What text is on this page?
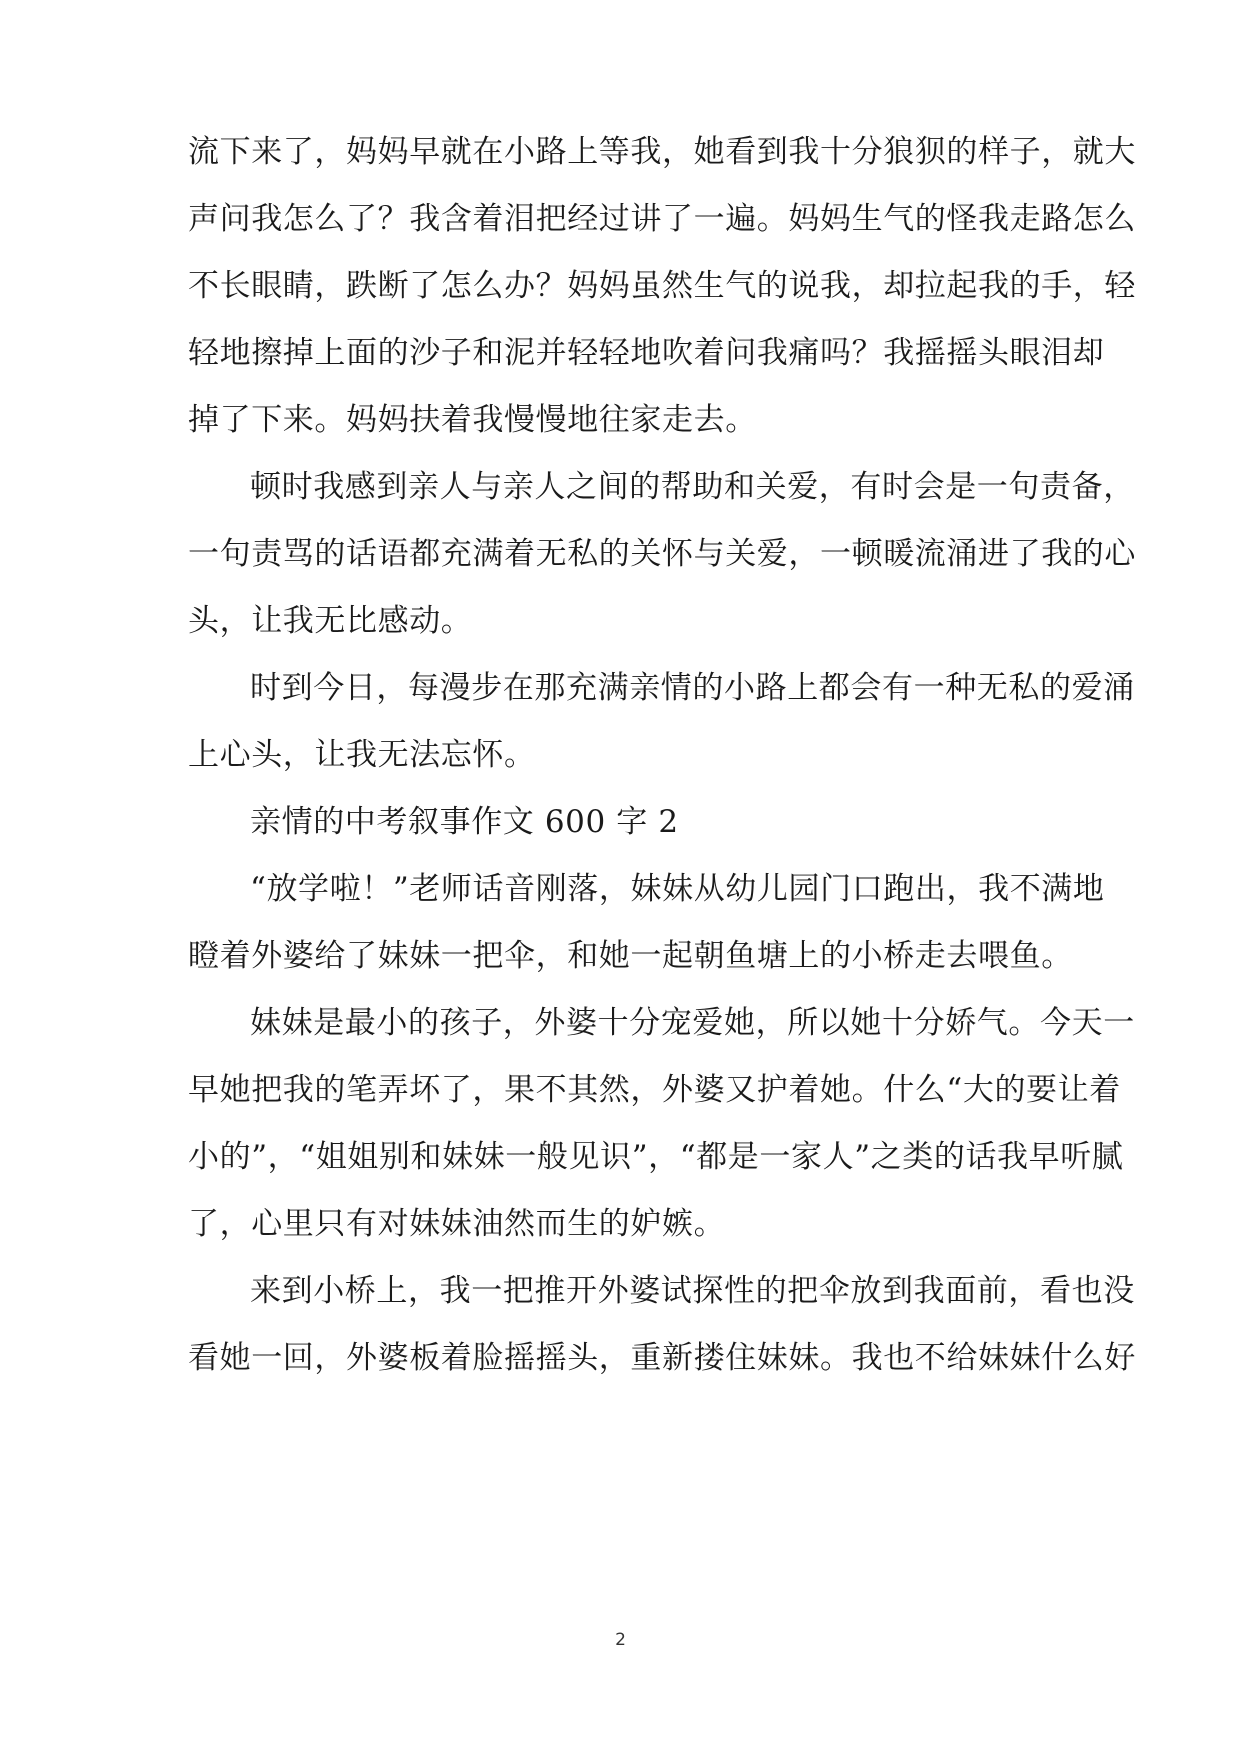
流下来了，妈妈早就在小路上等我，她看到我十分狼狈的样子，就大
声问我怎么了？我含着泪把经过讲了一遍。妈妈生气的怪我走路怎么
不长眼睛，跌断了怎么办？妈妈虽然生气的说我，却拉起我的手，轻
轻地擦掉上面的沙子和泥并轻轻地吹着问我痛吗？我摇摇头眼泪却
掉了下来。妈妈扶着我慢慢地往家走去。
顿时我感到亲人与亲人之间的帮助和关爱，有时会是一句责备，
一句责骂的话语都充满着无私的关怀与关爱，一顿暖流涌进了我的心
头，让我无比感动。
时到今日，每漫步在那充满亲情的小路上都会有一种无私的爱涌
上心头，让我无法忘怀。
亲情的中考叙事作文 600 字 2
“放学啦！”老师话音刚落，妹妹从幼儿园门口跑出，我不满地
瞪着外婆给了妹妹一把伞，和她一起朝鱼塘上的小桥走去喂鱼。
妹妹是最小的孩子，外婆十分宠爱她，所以她十分娇气。今天一
早她把我的笔弄坏了，果不其然，外婆又护着她。什么“大的要让着
小的”，“姐姐别和妹妹一般见识”，“都是一家人”之类的话我早听腻
了，心里只有对妹妹油然而生的妒嫉。
来到小桥上，我一把推开外婆试探性的把伞放到我面前，看也没
看她一回，外婆板着脸摇摇头，重新搂住妹妹。我也不给妹妹什么好
2
